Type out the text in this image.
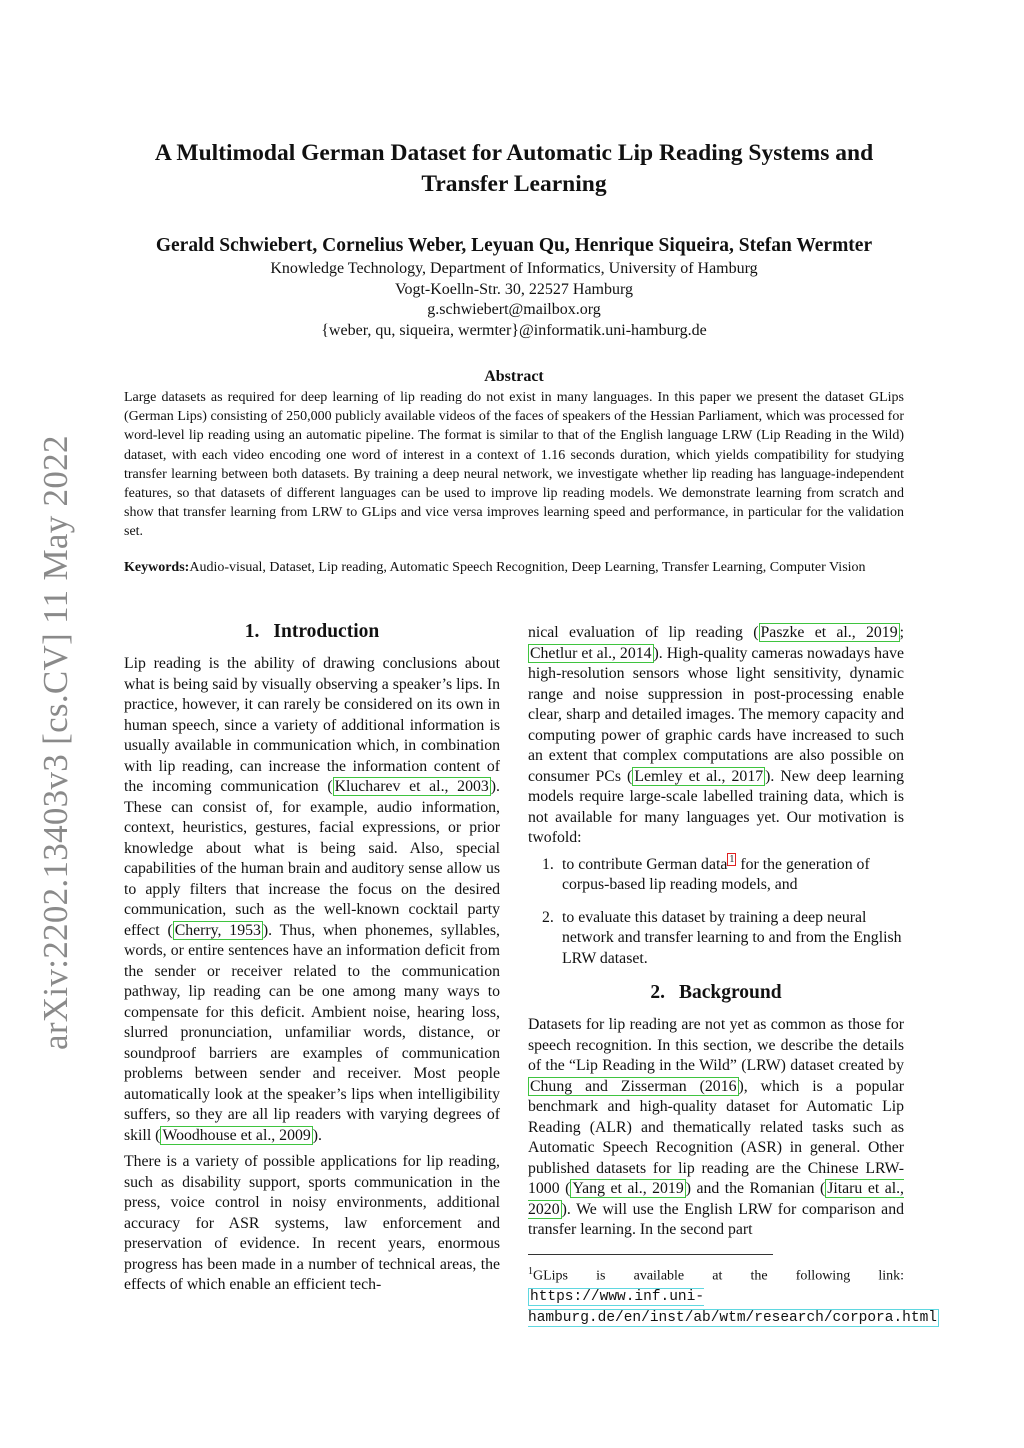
arXiv:2202.13403v3 [cs.CV] 11 May 2022
A Multimodal German Dataset for Automatic Lip Reading Systems and
Transfer Learning
Gerald Schwiebert, Cornelius Weber, Leyuan Qu, Henrique Siqueira, Stefan Wermter
Knowledge Technology, Department of Informatics, University of Hamburg
Vogt-Koelln-Str. 30, 22527 Hamburg
g.schwiebert@mailbox.org
{weber, qu, siqueira, wermter}@informatik.uni-hamburg.de
Abstract
Large datasets as required for deep learning of lip reading do not exist in many languages. In this paper we present the dataset GLips (German Lips) consisting of 250,000 publicly available videos of the faces of speakers of the Hessian Parliament, which was processed for word-level lip reading using an automatic pipeline. The format is similar to that of the English language LRW (Lip Reading in the Wild) dataset, with each video encoding one word of interest in a context of 1.16 seconds duration, which yields compatibility for studying transfer learning between both datasets. By training a deep neural network, we investigate whether lip reading has language-independent features, so that datasets of different languages can be used to improve lip reading models. We demonstrate learning from scratch and show that transfer learning from LRW to GLips and vice versa improves learning speed and performance, in particular for the validation set.
Keywords:Audio-visual, Dataset, Lip reading, Automatic Speech Recognition, Deep Learning, Transfer Learning, Computer Vision
1. Introduction

Lip reading is the ability of drawing conclusions about what is being said by visually observing a speaker’s lips. In practice, however, it can rarely be considered on its own in human speech, since a variety of additional information is usually available in communication which, in combination with lip reading, can increase the information content of the incoming communication ( Klucharev et al., 2003 ). These can consist of, for example, audio information, context, heuristics, gestures, facial expressions, or prior knowledge about what is being said. Also, special capabilities of the human brain and auditory sense allow us to apply filters that increase the focus on the desired communication, such as the well-known cocktail party effect ( Cherry, 1953 ). Thus, when phonemes, syllables, words, or entire sentences have an information deficit from the sender or receiver related to the communication pathway, lip reading can be one among many ways to compensate for this deficit. Ambient noise, hearing loss, slurred pronunciation, unfamiliar words, distance, or soundproof barriers are examples of communication problems between sender and receiver. Most people automatically look at the speaker’s lips when intelligibility suffers, so they are all lip readers with varying degrees of skill ( Woodhouse et al., 2009 ).

There is a variety of possible applications for lip reading, such as disability support, sports communication in the press, voice control in noisy environments, additional accuracy for ASR systems, law enforcement and preservation of evidence. In recent years, enormous progress has been made in a number of technical areas, the effects of which enable an efficient tech-

nical evaluation of lip reading ( Paszke et al., 2019 ; Chetlur et al., 2014 ). High-quality cameras nowadays have high-resolution sensors whose light sensitivity, dynamic range and noise suppression in post-processing enable clear, sharp and detailed images. The memory capacity and computing power of graphic cards have increased to such an extent that complex computations are also possible on consumer PCs ( Lemley et al., 2017 ). New deep learning models require large-scale labelled training data, which is not available for many languages yet. Our motivation is twofold:

1. to contribute German data $^1$ for the generation of corpus-based lip reading models, and
2. to evaluate this dataset by training a deep neural network and transfer learning to and from the English LRW dataset.
2. Background

Datasets for lip reading are not yet as common as those for speech recognition. In this section, we describe the details of the “Lip Reading in the Wild” (LRW) dataset created by Chung and Zisserman (2016 ), which is a popular benchmark and high-quality dataset for Automatic Lip Reading (ALR) and thematically related tasks such as Automatic Speech Recognition (ASR) in general. Other published datasets for lip reading are the Chinese LRW-1000 ( Yang et al., 2019 ) and the Romanian ( Jitaru et al., 2020 ). We will use the English LRW for comparison and transfer learning. In the second part

$^1$GLips is available at the following link: https://www.inf.uni-hamburg.de/en/inst/ab/wtm/research/corpora.html
